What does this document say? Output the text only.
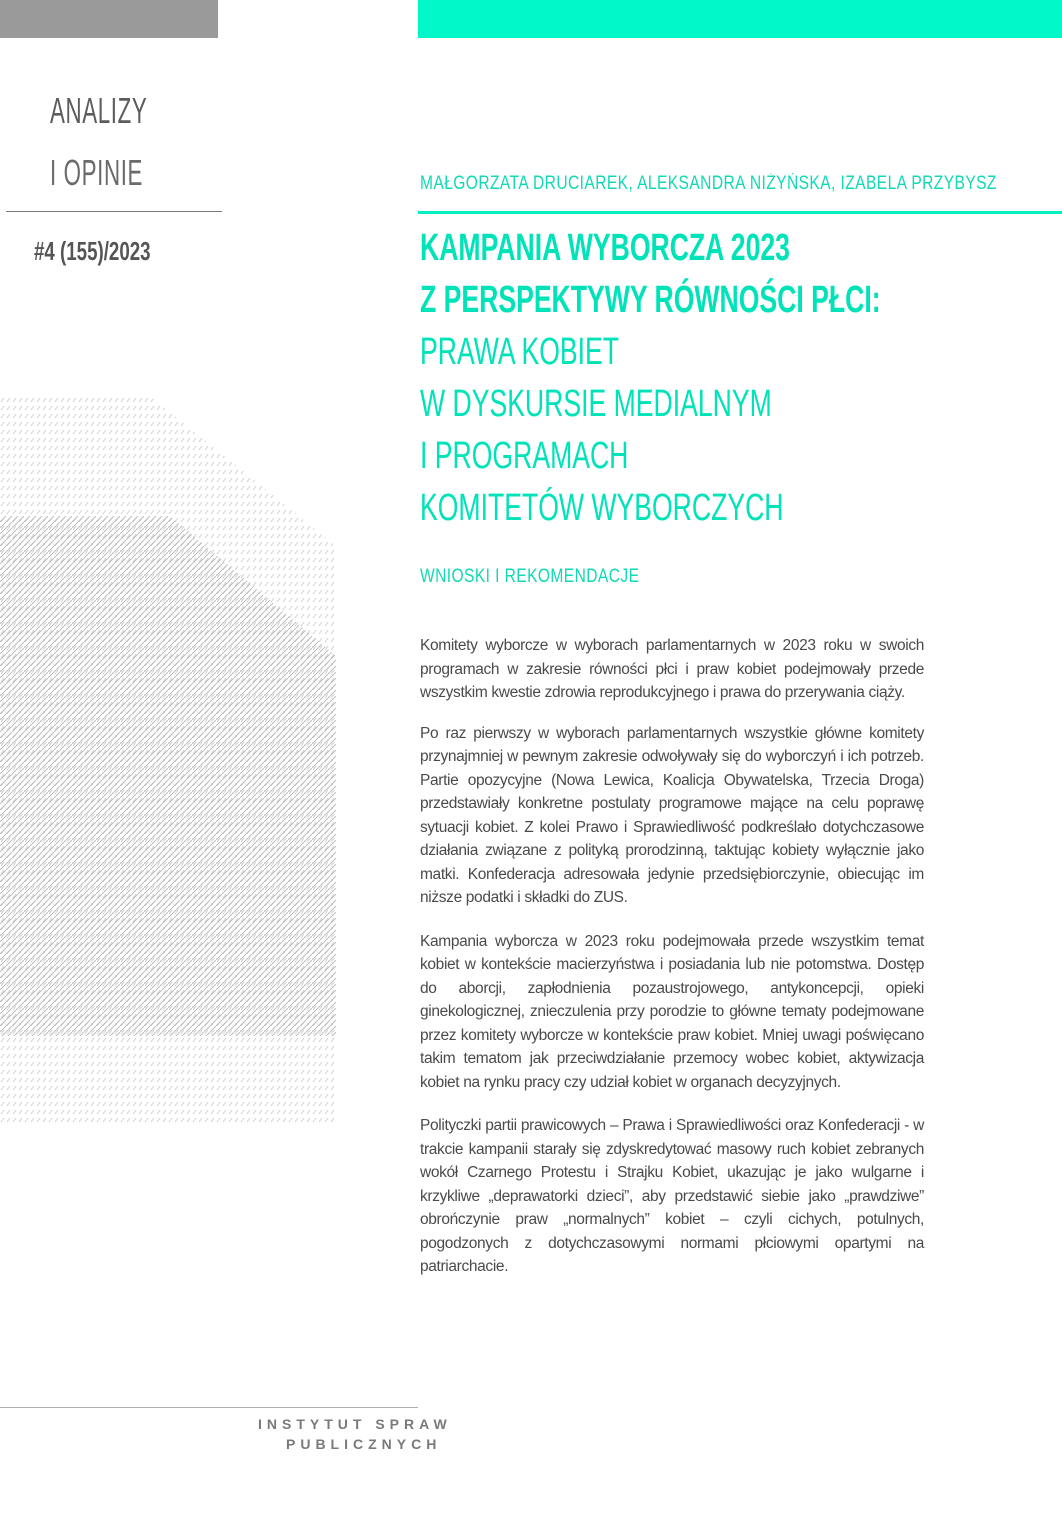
ANALIZY
I OPINIE
#4 (155)/2023
MAŁGORZATA DRUCIAREK, ALEKSANDRA NIŻYŃSKA, IZABELA PRZYBYSZ
KAMPANIA WYBORCZA 2023
Z PERSPEKTYWY RÓWNOŚCI PŁCI:
PRAWA KOBIET
W DYSKURSIE MEDIALNYM
I PROGRAMACH
KOMITETÓW WYBORCZYCH
WNIOSKI I REKOMENDACJE

Komitety wyborcze w wyborach parlamentarnych w 2023 roku w swoich programach w zakresie równości płci i praw kobiet podejmowały przede wszystkim kwestie zdrowia reprodukcyjnego i prawa do przerywania ciąży.

Po raz pierwszy w wyborach parlamentarnych wszystkie główne komitety przynajmniej w pewnym zakresie odwoływały się do wyborczyń i ich potrzeb. Partie opozycyjne (Nowa Lewica, Koalicja Obywatelska, Trzecia Droga) przedstawiały konkretne postulaty programowe mające na celu poprawę sytuacji kobiet. Z kolei Prawo i Sprawiedliwość podkreślało dotychczasowe działania związane z polityką prorodzinną, taktując kobiety wyłącznie jako matki. Konfederacja adresowała jedynie przedsiębiorczynie, obiecując im niższe podatki i składki do ZUS.

Kampania wyborcza w 2023 roku podejmowała przede wszystkim temat kobiet w kontekście macierzyństwa i posiadania lub nie potomstwa. Dostęp do aborcji, zapłodnienia pozaustrojowego, antykoncepcji, opieki ginekologicznej, znieczulenia przy porodzie to główne tematy podejmowane przez komitety wyborcze w kontekście praw kobiet. Mniej uwagi poświęcano takim tematom jak przeciwdziałanie przemocy wobec kobiet, aktywizacja kobiet na rynku pracy czy udział kobiet w organach decyzyjnych.

Polityczki partii prawicowych – Prawa i Sprawiedliwości oraz Konfederacji - w trakcie kampanii starały się zdyskredytować masowy ruch kobiet zebranych wokół Czarnego Protestu i Strajku Kobiet, ukazując je jako wulgarne i krzykliwe „deprawatorki dzieci”, aby przedstawić siebie jako „prawdziwe” obrończynie praw „normalnych” kobiet – czyli cichych, potulnych, pogodzonych z dotychczasowymi normami płciowymi opartymi na patriarchacie.

INSTYTUT SPRAW
PUBLICZNYCH
